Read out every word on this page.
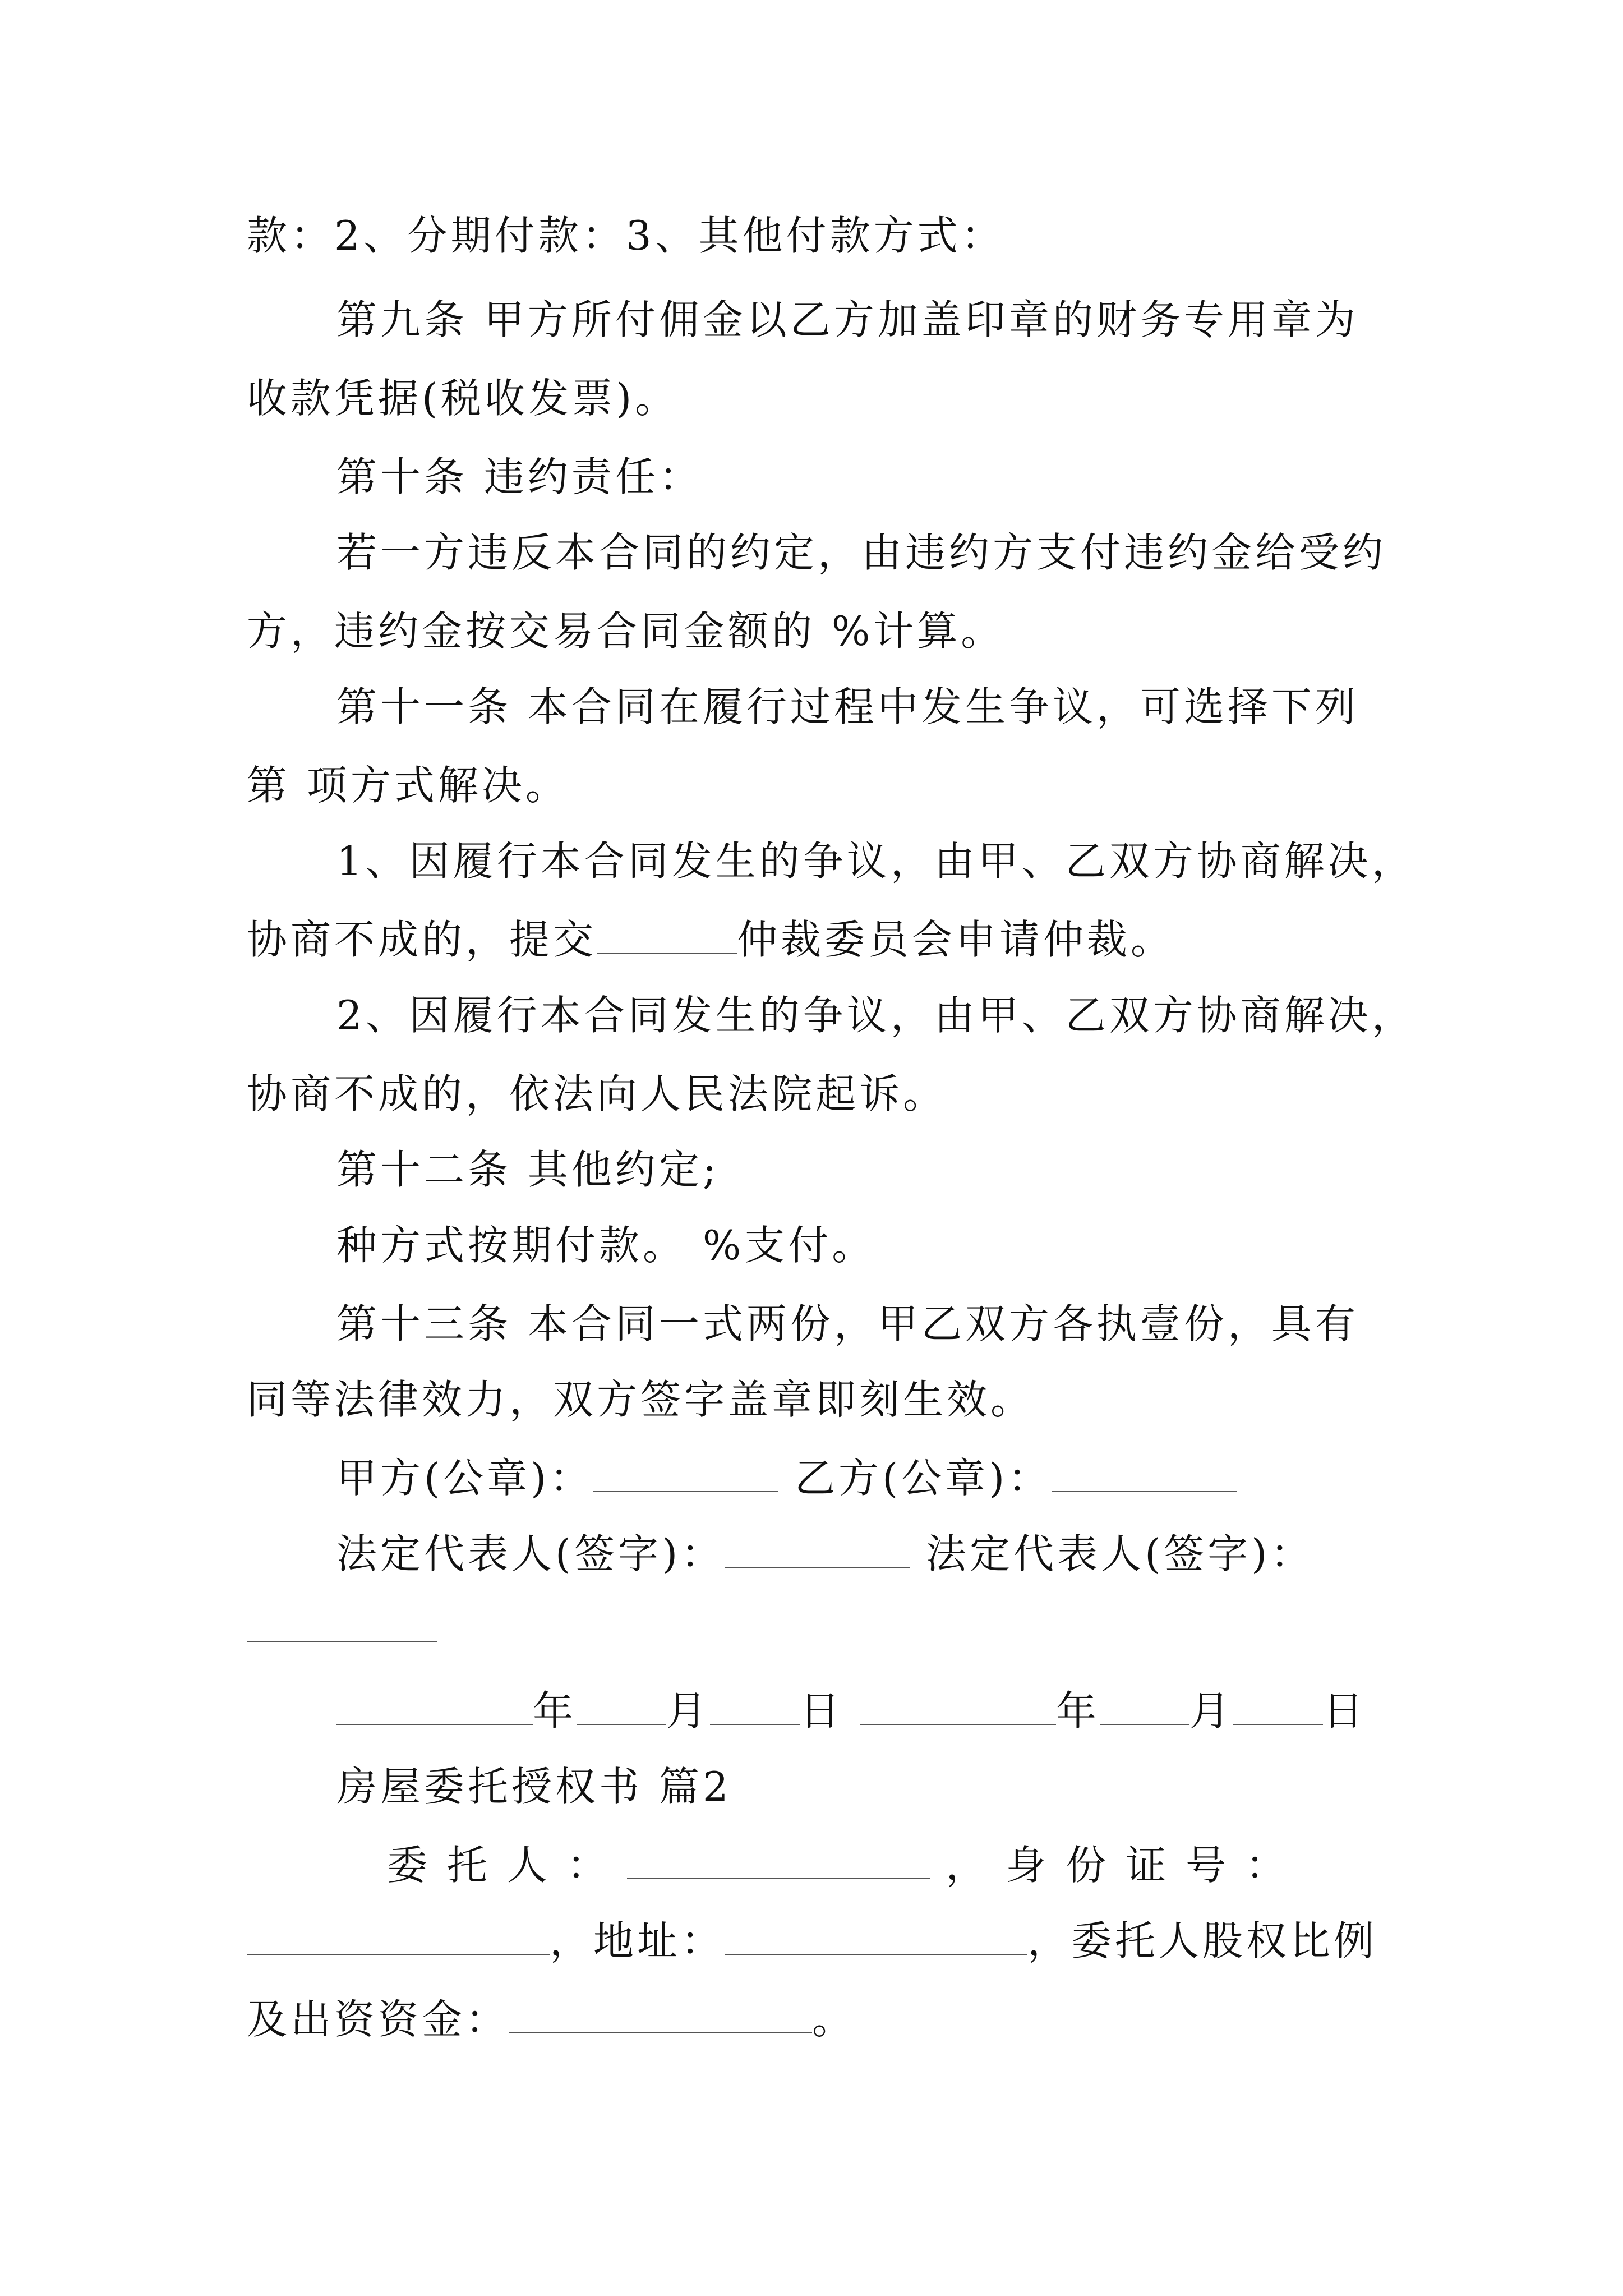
款：2、分期付款：3、其他付款方式：
第九条 甲方所付佣金以乙方加盖印章的财务专用章为
收款凭据(税收发票)。
第十条 违约责任：
若一方违反本合同的约定，由违约方支付违约金给受约
方，违约金按交易合同金额的 %计算。
第十一条 本合同在履行过程中发生争议，可选择下列
第 项方式解决。
1、因履行本合同发生的争议，由甲、乙双方协商解决，
协商不成的，提交	仲裁委员会申请仲裁。
2、因履行本合同发生的争议，由甲、乙双方协商解决，
协商不成的，依法向人民法院起诉。
第十二条 其他约定;
种方式按期付款。 %支付。
第十三条 本合同一式两份，甲乙双方各执壹份，具有
同等法律效力，双方签字盖章即刻生效。
甲方(公章)：	乙方(公章)：
法定代表人(签字)：	法定代表人(签字)：
年 月 日	年 月 日
房屋委托授权书 篇2
委 托 人 ：	， 身 份 证 号 ：
，地址：	，委托人股权比例
及出资资金：	。
